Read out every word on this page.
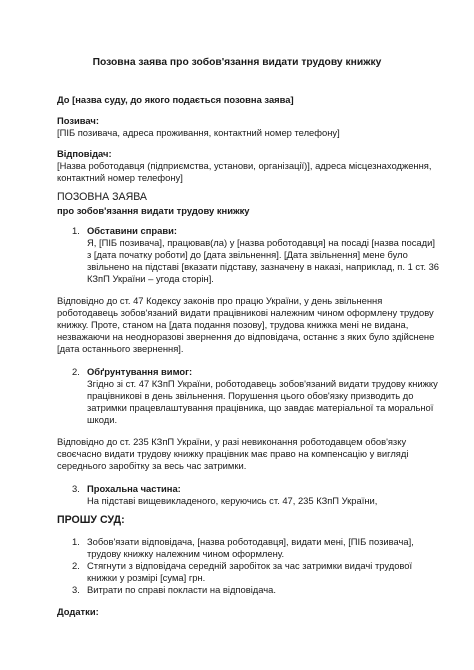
Позовна заява про зобов'язання видати трудову книжку
До [назва суду, до якого подається позовна заява]
Позивач:
[ПІБ позивача, адреса проживання, контактний номер телефону]
Відповідач:
[Назва роботодавця (підприємства, установи, організації)], адреса місцезнаходження,
контактний номер телефону]
ПОЗОВНА ЗАЯВА
про зобов'язання видати трудову книжку
1. Обставини справи:
Я, [ПІБ позивача], працював(ла) у [назва роботодавця] на посаді [назва посади]
з [дата початку роботи] до [дата звільнення]. [Дата звільнення] мене було
звільнено на підставі [вказати підставу, зазначену в наказі, наприклад, п. 1 ст. 36
КЗпП України – угода сторін].
Відповідно до ст. 47 Кодексу законів про працю України, у день звільнення
роботодавець зобов'язаний видати працівникові належним чином оформлену трудову
книжку. Проте, станом на [дата подання позову], трудова книжка мені не видана,
незважаючи на неодноразові звернення до відповідача, останнє з яких було здійснене
[дата останнього звернення].
2. Обґрунтування вимог:
Згідно зі ст. 47 КЗпП України, роботодавець зобов'язаний видати трудову книжку
працівникові в день звільнення. Порушення цього обов'язку призводить до
затримки працевлаштування працівника, що завдає матеріальної та моральної
шкоди.
Відповідно до ст. 235 КЗпП України, у разі невиконання роботодавцем обов'язку
своєчасно видати трудову книжку працівник має право на компенсацію у вигляді
середнього заробітку за весь час затримки.
3. Прохальна частина:
На підставі вищевикладеного, керуючись ст. 47, 235 КЗпП України,
ПРОШУ СУД:
1. Зобов'язати відповідача, [назва роботодавця], видати мені, [ПІБ позивача],
трудову книжку належним чином оформлену.
2. Стягнути з відповідача середній заробіток за час затримки видачі трудової
книжки у розмірі [сума] грн.
3. Витрати по справі покласти на відповідача.
Додатки:
